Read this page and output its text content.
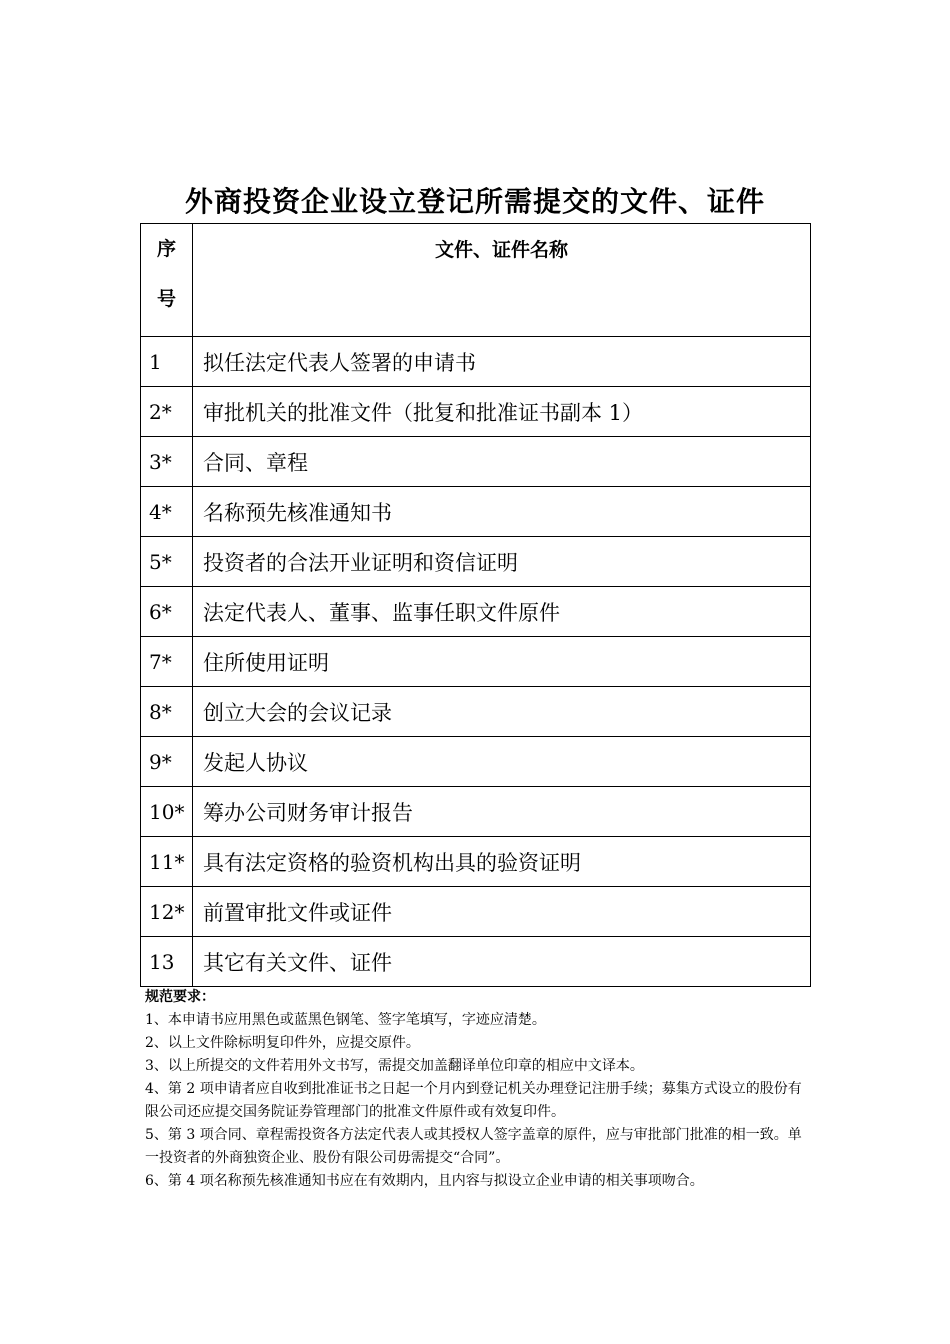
外商投资企业设立登记所需提交的文件、证件
序
号	文件、证件名称
1	拟任法定代表人签署的申请书
2*	审批机关的批准文件（批复和批准证书副本 1）
3*	合同、章程
4*	名称预先核准通知书
5*	投资者的合法开业证明和资信证明
6*	法定代表人、董事、监事任职文件原件
7*	住所使用证明
8*	创立大会的会议记录
9*	发起人协议
10*	筹办公司财务审计报告
11*	具有法定资格的验资机构出具的验资证明
12*	前置审批文件或证件
13	其它有关文件、证件

规范要求：

1、本申请书应用黑色或蓝黑色钢笔、签字笔填写，字迹应清楚。

2、以上文件除标明复印件外，应提交原件。

3、以上所提交的文件若用外文书写，需提交加盖翻译单位印章的相应中文译本。

4、第 2 项申请者应自收到批准证书之日起一个月内到登记机关办理登记注册手续；募集方式设立的股份有限公司还应提交国务院证券管理部门的批准文件原件或有效复印件。

5、第 3 项合同、章程需投资各方法定代表人或其授权人签字盖章的原件，应与审批部门批准的相一致。单一投资者的外商独资企业、股份有限公司毋需提交“合同”。

6、第 4 项名称预先核准通知书应在有效期内，且内容与拟设立企业申请的相关事项吻合。
